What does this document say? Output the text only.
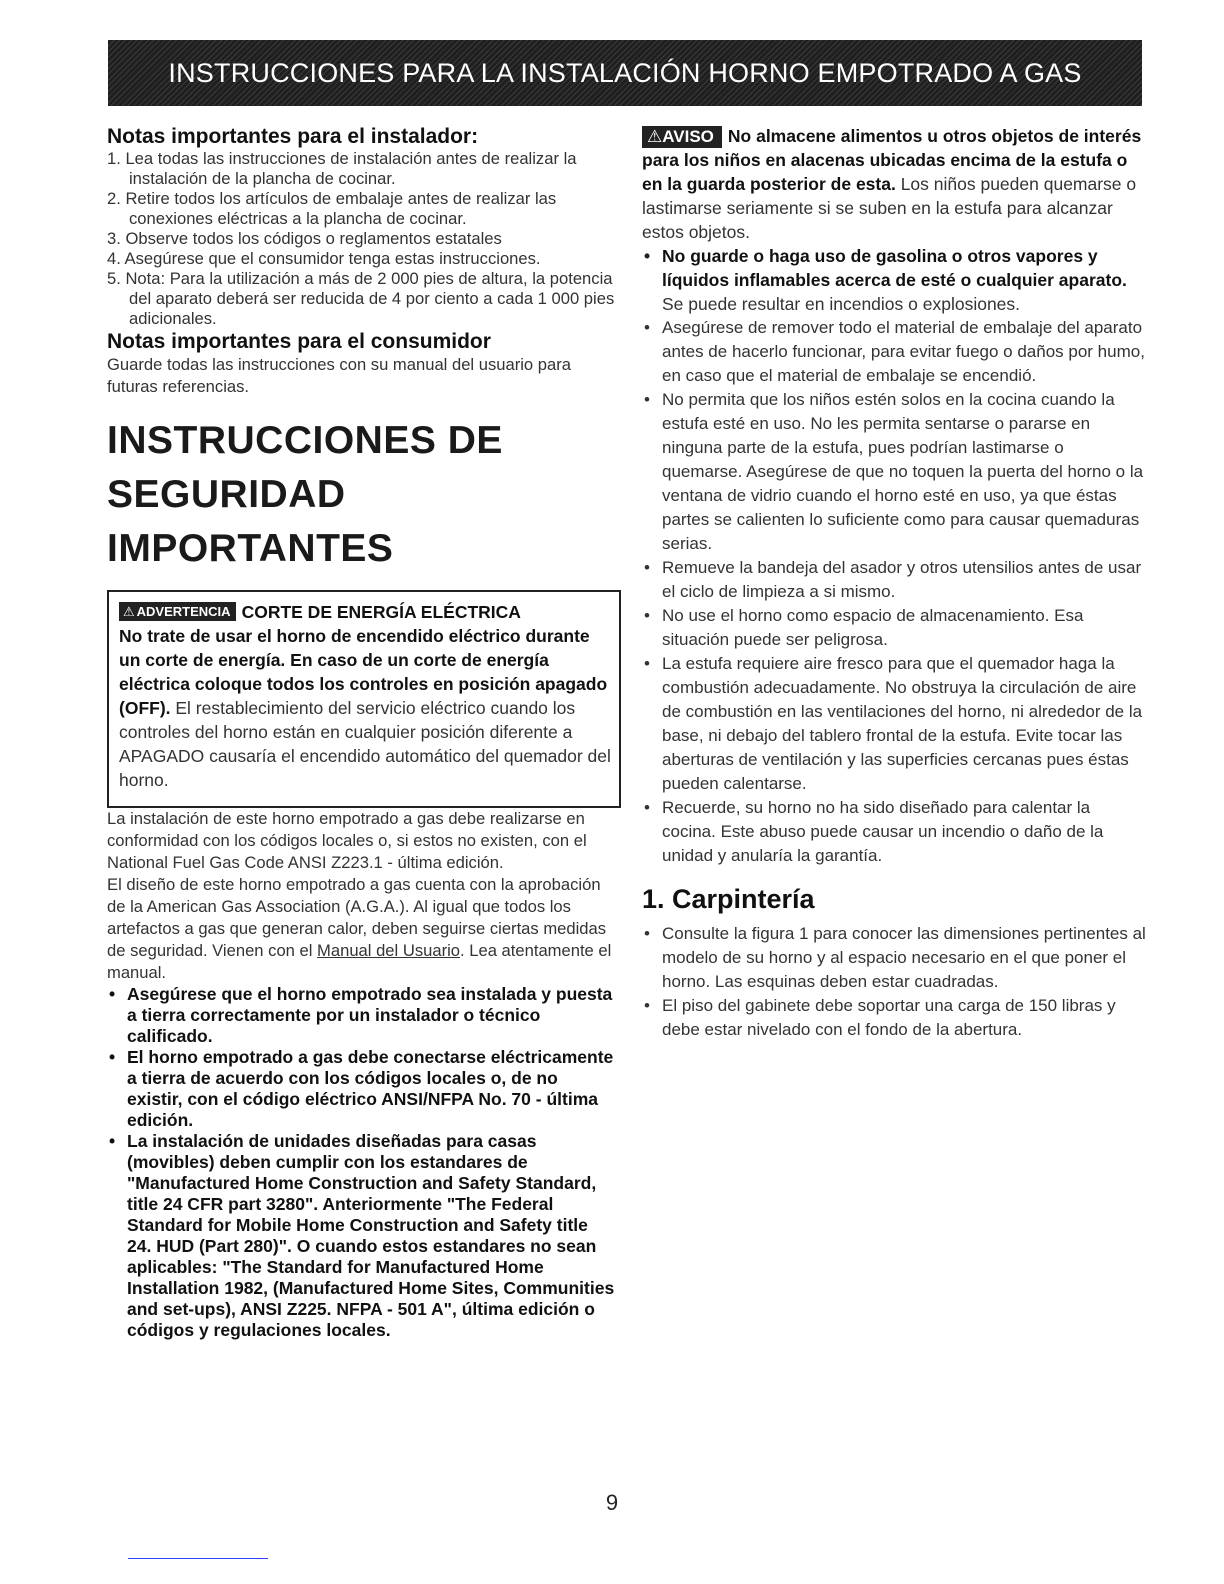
INSTRUCCIONES PARA LA INSTALACIÓN HORNO EMPOTRADO A GAS
Notas importantes para el instalador:
1. Lea todas las instrucciones de instalación antes de realizar la instalación de la plancha de cocinar.
2. Retire todos los artículos de embalaje antes de realizar las conexiones eléctricas a la plancha de cocinar.
3. Observe todos los códigos o reglamentos estatales
4. Asegúrese que el consumidor tenga estas instrucciones.
5. Nota: Para la utilización a más de 2 000 pies de altura, la potencia del aparato deberá ser reducida de 4 por ciento a cada 1 000 pies adicionales.
Notas importantes para el consumidor

Guarde todas las instrucciones con su manual del usuario para futuras referencias.

INSTRUCCIONES DE
SEGURIDAD IMPORTANTES
⚠ ADVERTENCIA CORTE DE ENERGÍA ELÉCTRICA
No trate de usar el horno de encendido eléctrico durante un corte de energía. En caso de un corte de energía eléctrica coloque todos los controles en posición apagado (OFF). El restablecimiento del servicio eléctrico cuando los controles del horno están en cualquier posición diferente a APAGADO causaría el encendido automático del quemador del horno.

La instalación de este horno empotrado a gas debe realizarse en conformidad con los códigos locales o, si estos no existen, con el National Fuel Gas Code ANSI Z223.1 - última edición.

El diseño de este horno empotrado a gas cuenta con la aprobación de la American Gas Association (A.G.A.). Al igual que todos los artefactos a gas que generan calor, deben seguirse ciertas medidas de seguridad. Vienen con el Manual del Usuario. Lea atentamente el manual.

• Asegúrese que el horno empotrado sea instalada y puesta a tierra correctamente por un instalador o técnico calificado.
• El horno empotrado a gas debe conectarse eléctricamente a tierra de acuerdo con los códigos locales o, de no existir, con el código eléctrico ANSI/NFPA No. 70 - última edición.
• La instalación de unidades diseñadas para casas (movibles) deben cumplir con los estandares de "Manufactured Home Construction and Safety Standard, title 24 CFR part 3280". Anteriormente "The Federal Standard for Mobile Home Construction and Safety title 24. HUD (Part 280)". O cuando estos estandares no sean aplicables: "The Standard for Manufactured Home Installation 1982, (Manufactured Home Sites, Communities and set-ups), ANSI Z225. NFPA - 501 A", última edición o códigos y regulaciones locales.

⚠AVISO No almacene alimentos u otros objetos de interés para los niños en alacenas ubicadas encima de la estufa o en la guarda posterior de esta. Los niños pueden quemarse o lastimarse seriamente si se suben en la estufa para alcanzar estos objetos.

• No guarde o haga uso de gasolina o otros vapores y líquidos inflamables acerca de esté o cualquier aparato. Se puede resultar en incendios o explosiones.
• Asegúrese de remover todo el material de embalaje del aparato antes de hacerlo funcionar, para evitar fuego o daños por humo, en caso que el material de embalaje se encendió.
• No permita que los niños estén solos en la cocina cuando la estufa esté en uso. No les permita sentarse o pararse en ninguna parte de la estufa, pues podrían lastimarse o quemarse. Asegúrese de que no toquen la puerta del horno o la ventana de vidrio cuando el horno esté en uso, ya que éstas partes se calienten lo suficiente como para causar quemaduras serias.
• Remueve la bandeja del asador y otros utensilios antes de usar el ciclo de limpieza a si mismo.
• No use el horno como espacio de almacenamiento. Esa situación puede ser peligrosa.
• La estufa requiere aire fresco para que el quemador haga la combustión adecuadamente. No obstruya la circulación de aire de combustión en las ventilaciones del horno, ni alrededor de la base, ni debajo del tablero frontal de la estufa. Evite tocar las aberturas de ventilación y las superficies cercanas pues éstas pueden calentarse.
• Recuerde, su horno no ha sido diseñado para calentar la cocina. Este abuso puede causar un incendio o daño de la unidad y anularía la garantía.
1. Carpintería
• Consulte la figura 1 para conocer las dimensiones pertinentes al modelo de su horno y al espacio necesario en el que poner el horno. Las esquinas deben estar cuadradas.
• El piso del gabinete debe soportar una carga de 150 libras y debe estar nivelado con el fondo de la abertura.
9
